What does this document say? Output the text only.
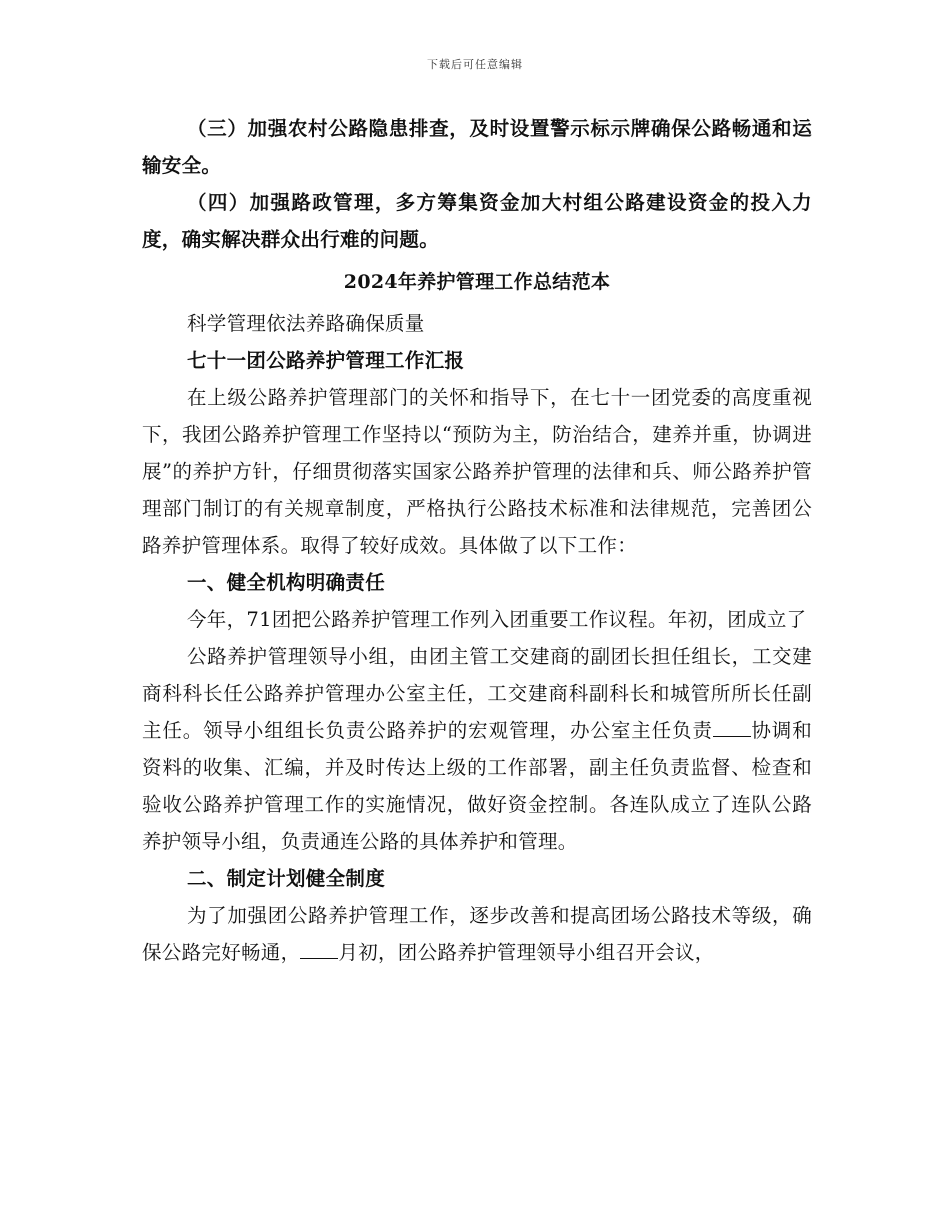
下载后可任意编辑

（三）加强农村公路隐患排查，及时设置警示标示牌确保公路畅通和运输安全。

（四）加强路政管理，多方筹集资金加大村组公路建设资金的投入力度，确实解决群众出行难的问题。

2024年养护管理工作总结范本

科学管理依法养路确保质量

七十一团公路养护管理工作汇报

在上级公路养护管理部门的关怀和指导下，在七十一团党委的高度重视下，我团公路养护管理工作坚持以“预防为主，防治结合，建养并重，协调进展”的养护方针，仔细贯彻落实国家公路养护管理的法律和兵、师公路养护管理部门制订的有关规章制度，严格执行公路技术标准和法律规范，完善团公路养护管理体系。取得了较好成效。具体做了以下工作：

一、健全机构明确责任

今年，71团把公路养护管理工作列入团重要工作议程。年初，团成立了

公路养护管理领导小组，由团主管工交建商的副团长担任组长，工交建商科科长任公路养护管理办公室主任，工交建商科副科长和城管所所长任副主任。领导小组组长负责公路养护的宏观管理，办公室主任负责 协调和资料的收集、汇编，并及时传达上级的工作部署，副主任负责监督、检查和验收公路养护管理工作的实施情况，做好资金控制。各连队成立了连队公路养护领导小组，负责通连公路的具体养护和管理。

二、制定计划健全制度

为了加强团公路养护管理工作，逐步改善和提高团场公路技术等级，确保公路完好畅通， 月初，团公路养护管理领导小组召开会议，
